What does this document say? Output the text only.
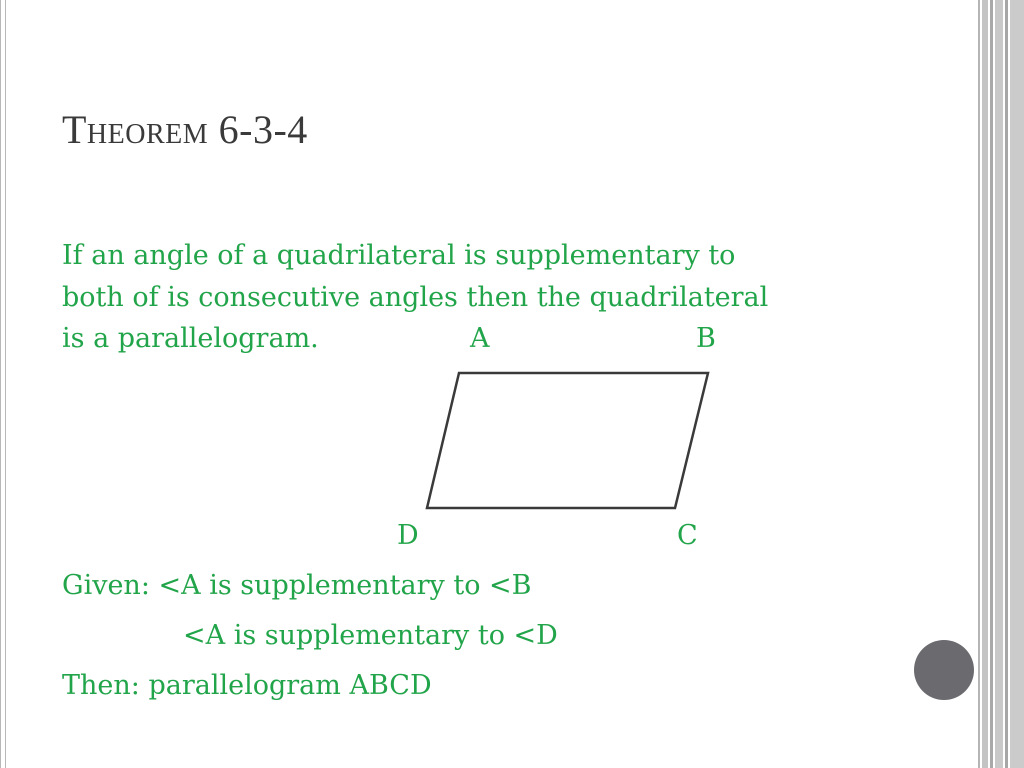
Theorem 6-3-4
If an angle of a quadrilateral is supplementary to
both of is consecutive angles then the quadrilateral
is a parallelogram.	A	B
D	C
Given: <A is supplementary to <B
<A is supplementary to <D
Then: parallelogram ABCD
